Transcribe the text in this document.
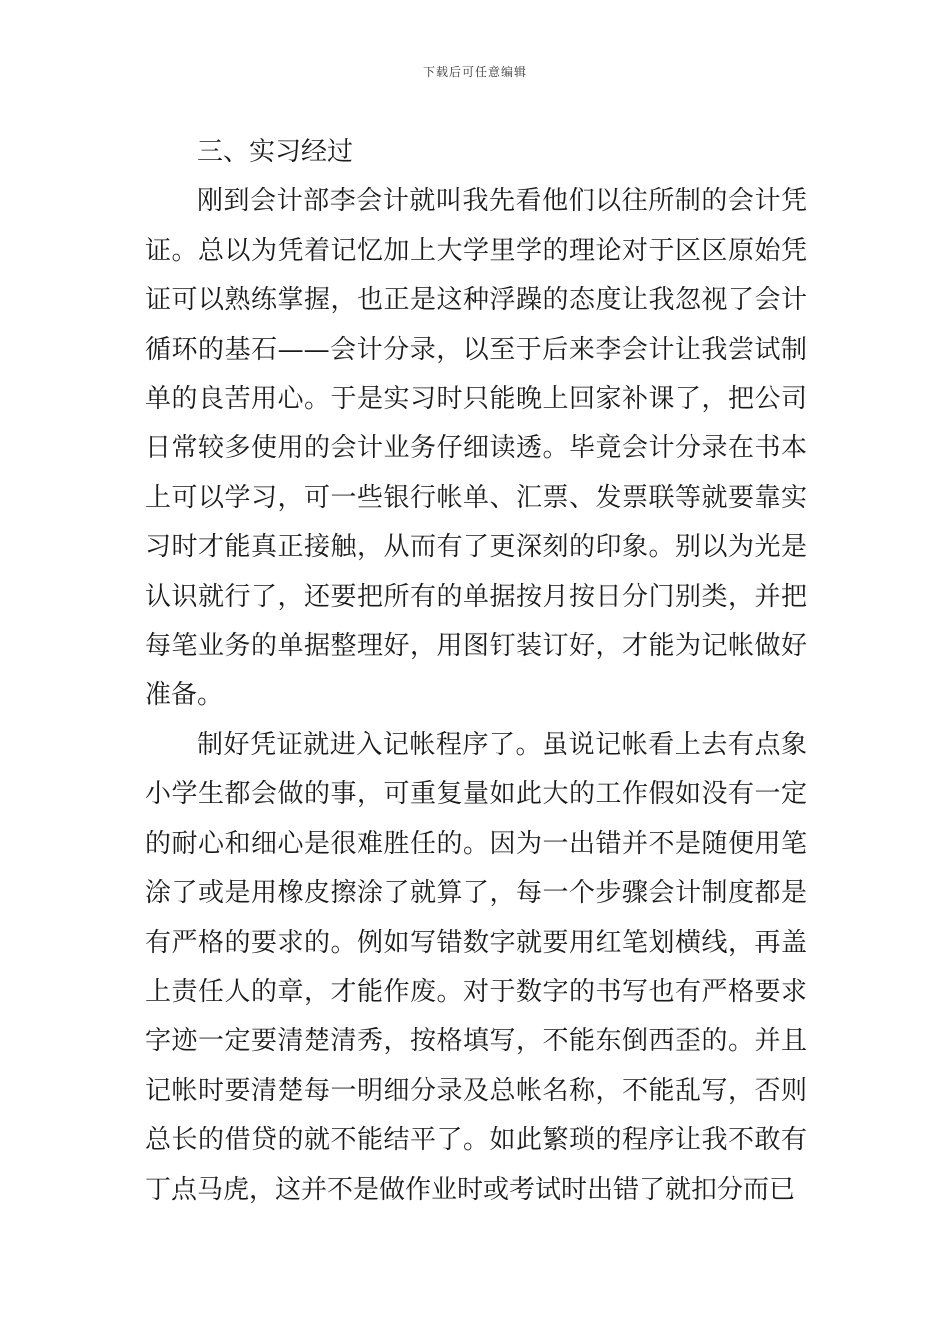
下载后可任意编辑
三、实习经过

刚到会计部李会计就叫我先看他们以往所制的会计凭证。总以为凭着记忆加上大学里学的理论对于区区原始凭证可以熟练掌握，也正是这种浮躁的态度让我忽视了会计循环的基石——会计分录，以至于后来李会计让我尝试制单的良苦用心。于是实习时只能晚上回家补课了，把公司日常较多使用的会计业务仔细读透。毕竟会计分录在书本上可以学习，可一些银行帐单、汇票、发票联等就要靠实习时才能真正接触，从而有了更深刻的印象。别以为光是认识就行了，还要把所有的单据按月按日分门别类，并把每笔业务的单据整理好，用图钉装订好，才能为记帐做好准备。

制好凭证就进入记帐程序了。虽说记帐看上去有点象小学生都会做的事，可重复量如此大的工作假如没有一定的耐心和细心是很难胜任的。因为一出错并不是随便用笔涂了或是用橡皮擦涂了就算了，每一个步骤会计制度都是有严格的要求的。例如写错数字就要用红笔划横线，再盖上责任人的章，才能作废。对于数字的书写也有严格要求字迹一定要清楚清秀，按格填写，不能东倒西歪的。并且记帐时要清楚每一明细分录及总帐名称，不能乱写，否则总长的借贷的就不能结平了。如此繁琐的程序让我不敢有丁点马虎，这并不是做作业时或考试时出错了就扣分而已
